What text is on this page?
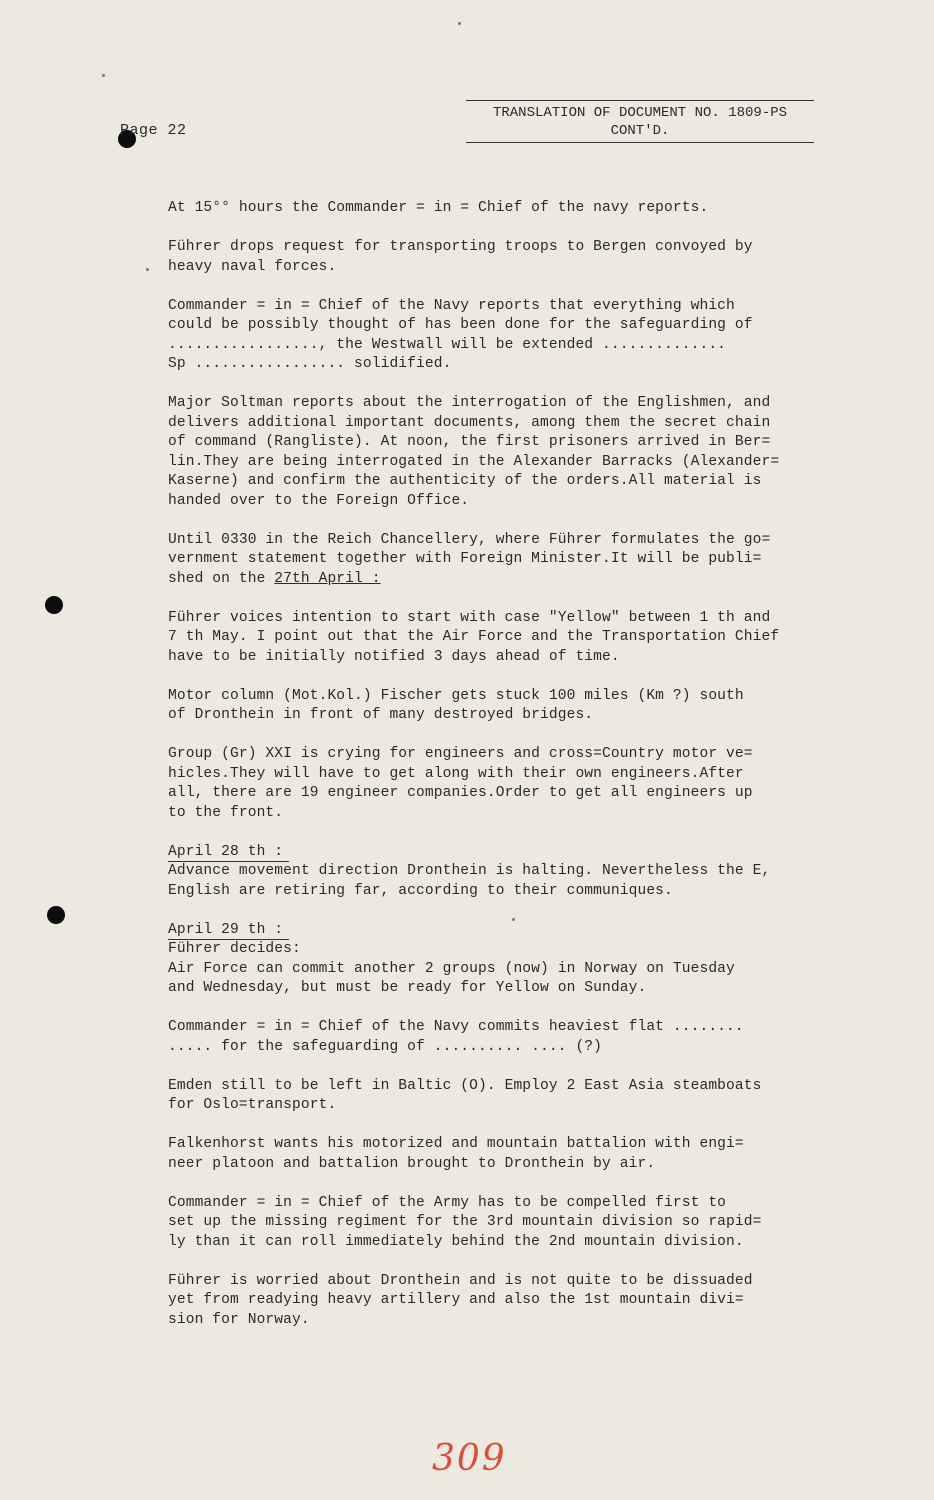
Page 22
TRANSLATION OF DOCUMENT NO. 1809-PS
CONT'D.

At 15°° hours the Commander = in = Chief of the navy reports.

Führer drops request for transporting troops to Bergen convoyed by
heavy naval forces.

Commander = in = Chief of the Navy reports that everything which
could be possibly thought of has been done for the safeguarding of
................., the Westwall will be extended ..............
Sp ................. solidified.

Major Soltman reports about the interrogation of the Englishmen, and
delivers additional important documents, among them the secret chain
of command (Rangliste). At noon, the first prisoners arrived in Ber=
lin.They are being interrogated in the Alexander Barracks (Alexander=
Kaserne) and confirm the authenticity of the orders.All material is
handed over to the Foreign Office.

Until 0330 in the Reich Chancellery, where Führer formulates the go=
vernment statement together with Foreign Minister.It will be publi=
shed on the 27th April :

Führer voices intention to start with case "Yellow" between 1 th and
7 th May. I point out that the Air Force and the Transportation Chief
have to be initially notified 3 days ahead of time.

Motor column (Mot.Kol.) Fischer gets stuck 100 miles (Km ?) south
of Dronthein in front of many destroyed bridges.

Group (Gr) XXI is crying for engineers and cross=Country motor ve=
hicles.They will have to get along with their own engineers.After
all, there are 19 engineer companies.Order to get all engineers up
to the front.

April 28 th :

Advance movement direction Dronthein is halting. Nevertheless the E,
English are retiring far, according to their communiques.

April 29 th :

Führer decides:

Air Force can commit another 2 groups (now) in Norway on Tuesday
and Wednesday, but must be ready for Yellow on Sunday.

Commander = in = Chief of the Navy commits heaviest flat ........
..... for the safeguarding of .......... .... (?)

Emden still to be left in Baltic (O). Employ 2 East Asia steamboats
for Oslo=transport.

Falkenhorst wants his motorized and mountain battalion with engi=
neer platoon and battalion brought to Dronthein by air.

Commander = in = Chief of the Army has to be compelled first to
set up the missing regiment for the 3rd mountain division so rapid=
ly than it can roll immediately behind the 2nd mountain division.

Führer is worried about Dronthein and is not quite to be dissuaded
yet from readying heavy artillery and also the 1st mountain divi=
sion for Norway.

309
